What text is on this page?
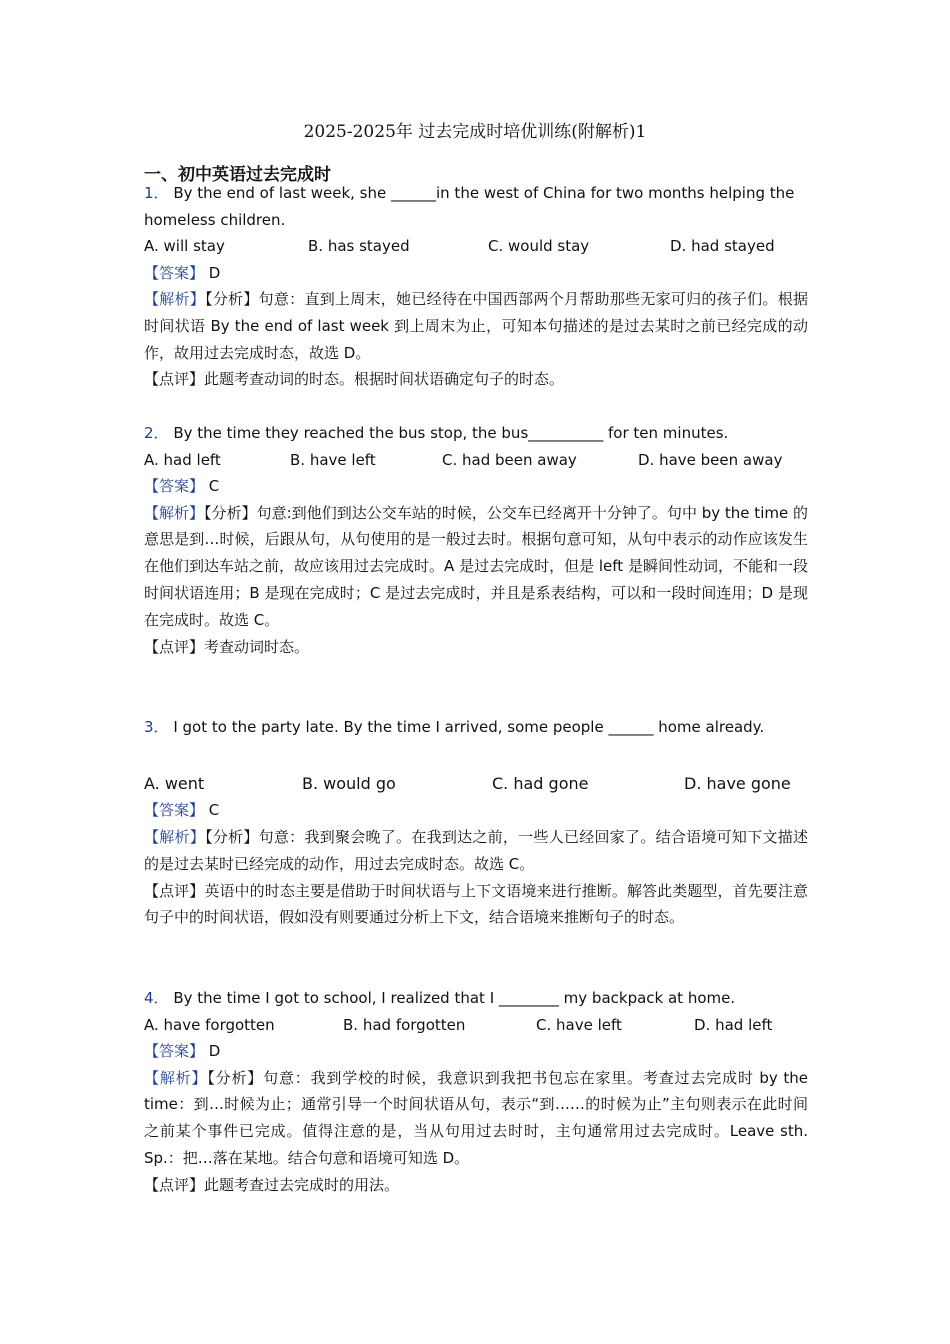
2025-2025年 过去完成时培优训练(附解析)1
一、初中英语过去完成时
1． By the end of last week, she ______in the west of China for two months helping the homeless children.
A. will stay	B. has stayed	C. would stay	D. had stayed
【答案】 D
【解析】【分析】句意：直到上周末，她已经待在中国西部两个月帮助那些无家可归的孩子们。根据时间状语 By the end of last week 到上周末为止，可知本句描述的是过去某时之前已经完成的动作，故用过去完成时态，故选 D。
【点评】此题考查动词的时态。根据时间状语确定句子的时态。
2． By the time they reached the bus stop, the bus__________ for ten minutes.
A. had left	B. have left	C. had been away	D. have been away
【答案】 C
【解析】【分析】句意:到他们到达公交车站的时候，公交车已经离开十分钟了。句中 by the time 的意思是到…时候，后跟从句，从句使用的是一般过去时。根据句意可知，从句中表示的动作应该发生在他们到达车站之前，故应该用过去完成时。A 是过去完成时，但是 left 是瞬间性动词，不能和一段时间状语连用；B 是现在完成时；C 是过去完成时，并且是系表结构，可以和一段时间连用；D 是现在完成时。故选 C。
【点评】考查动词时态。
3． I got to the party late. By the time I arrived, some people ______ home already.
A. went	B. would go	C. had gone	D. have gone
【答案】 C
【解析】【分析】句意：我到聚会晚了。在我到达之前，一些人已经回家了。结合语境可知下文描述的是过去某时已经完成的动作，用过去完成时态。故选 C。
【点评】英语中的时态主要是借助于时间状语与上下文语境来进行推断。解答此类题型，首先要注意句子中的时间状语，假如没有则要通过分析上下文，结合语境来推断句子的时态。
4． By the time I got to school, I realized that I ________ my backpack at home.
A. have forgotten	B. had forgotten	C. have left	D. had left
【答案】 D
【解析】【分析】句意：我到学校的时候，我意识到我把书包忘在家里。考查过去完成时 by the time：到…时候为止；通常引导一个时间状语从句，表示“到……的时候为止”主句则表示在此时间之前某个事件已完成。值得注意的是，当从句用过去时时，主句通常用过去完成时。Leave sth. Sp.：把…落在某地。结合句意和语境可知选 D。
【点评】此题考查过去完成时的用法。
